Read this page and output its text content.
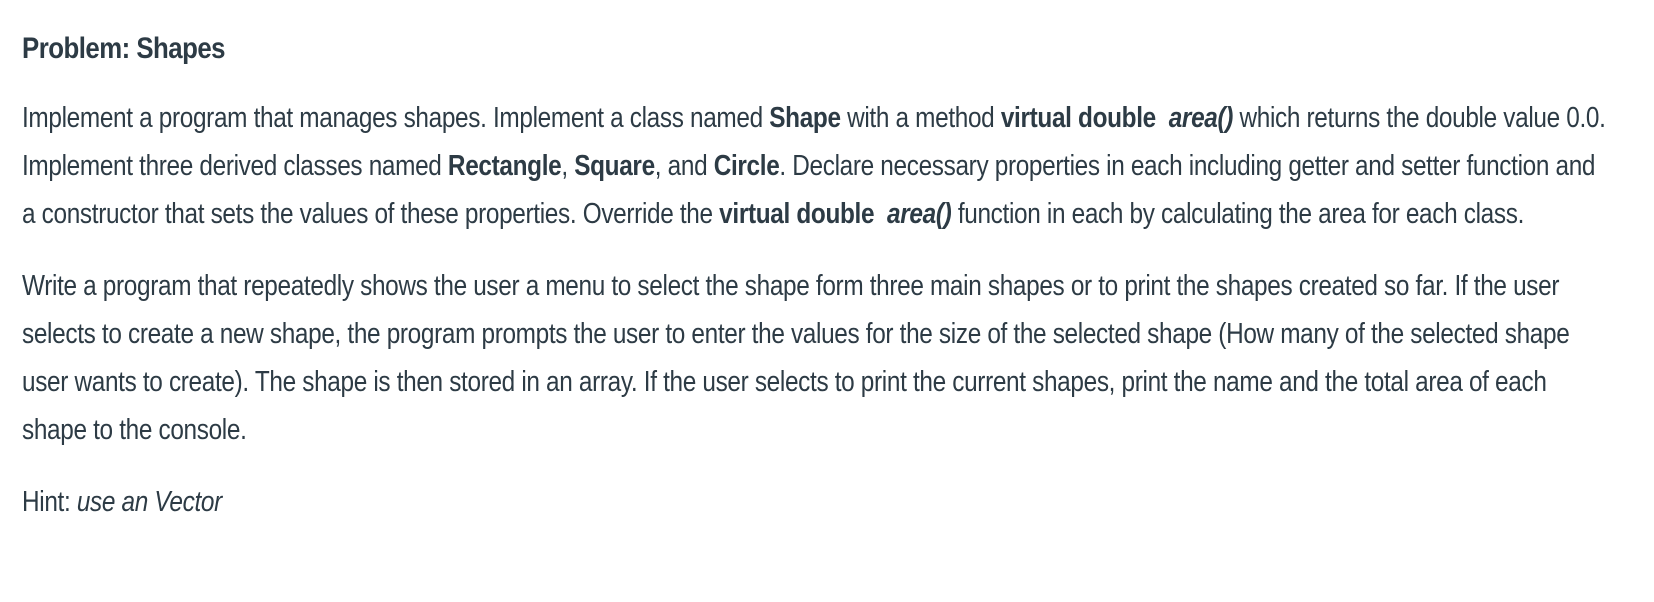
Problem: Shapes

Implement a program that manages shapes. Implement a class named Shape with a method virtual double area() which returns the double value 0.0. Implement three derived classes named Rectangle, Square, and Circle. Declare necessary properties in each including getter and setter function and a constructor that sets the values of these properties. Override the virtual double area() function in each by calculating the area for each class.

Write a program that repeatedly shows the user a menu to select the shape form three main shapes or to print the shapes created so far. If the user selects to create a new shape, the program prompts the user to enter the values for the size of the selected shape (How many of the selected shape user wants to create). The shape is then stored in an array. If the user selects to print the current shapes, print the name and the total area of each shape to the console.

Hint: use an Vector
